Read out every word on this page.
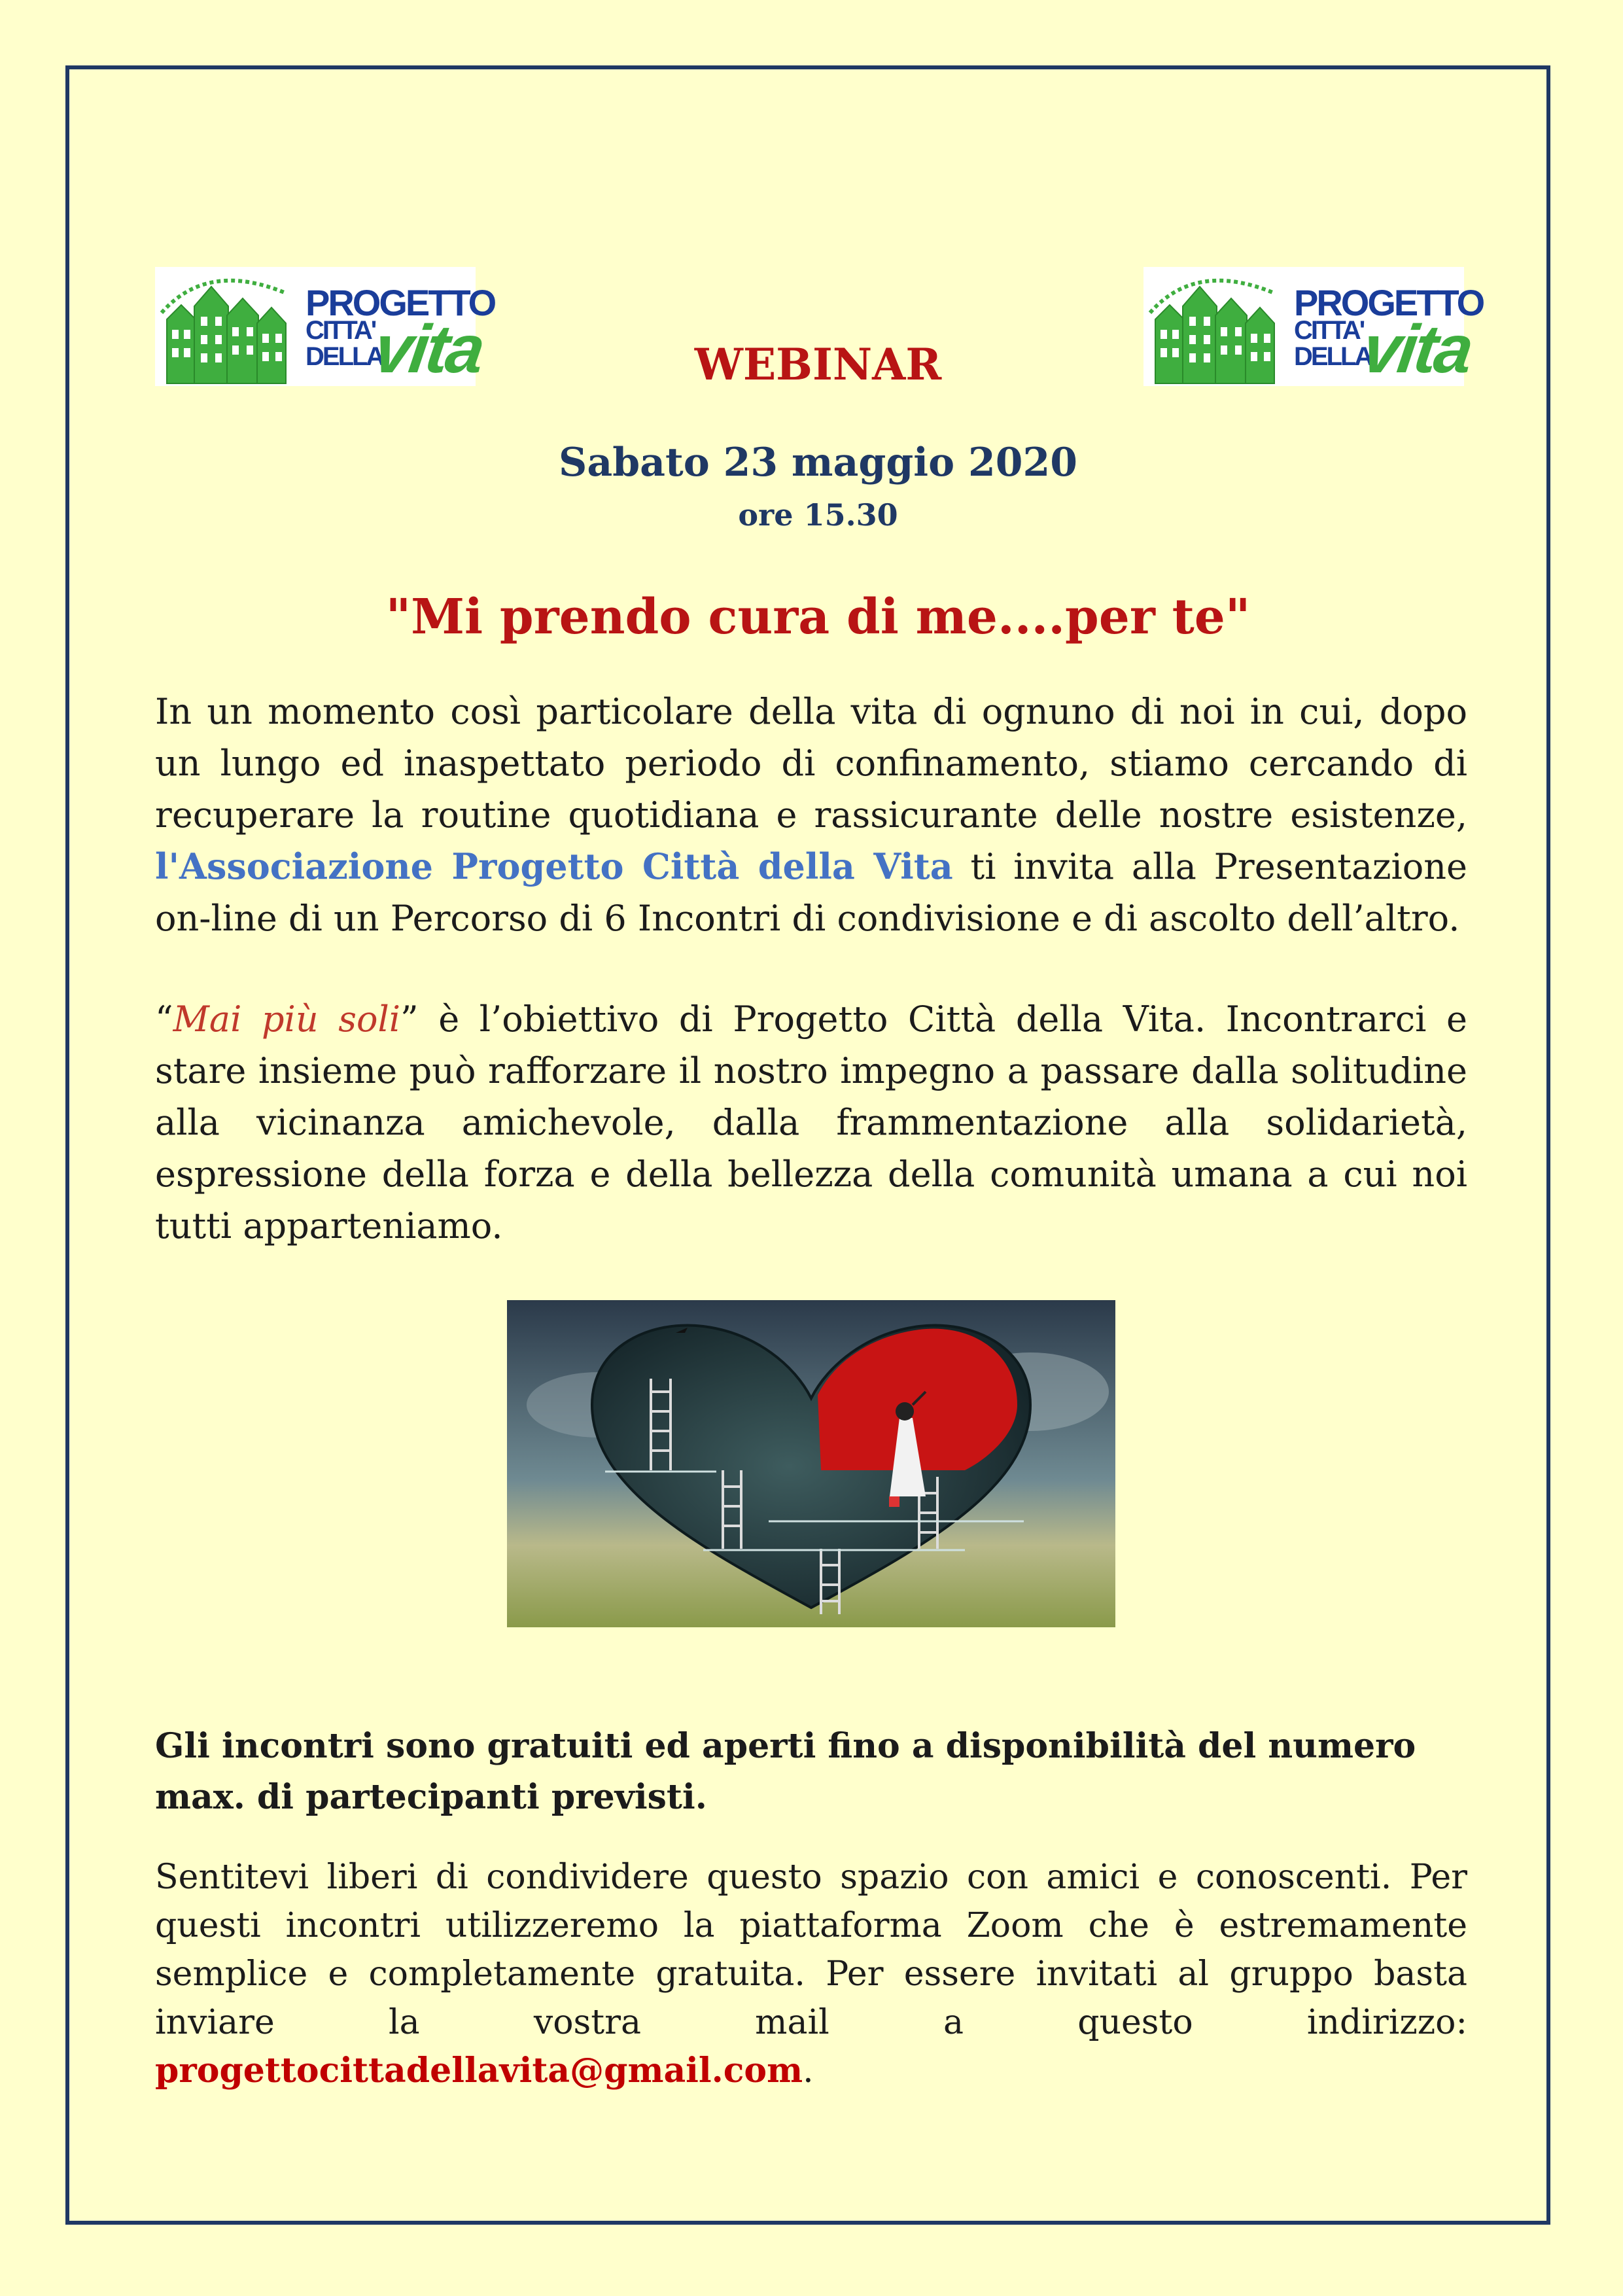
PROGETTO
CITTA'
DELLA
vita
PROGETTO
CITTA'
DELLA
vita
WEBINAR
Sabato 23 maggio 2020
ore 15.30
"Mi prendo cura di me....per te"

In un momento così particolare della vita di ognuno di noi in cui, dopo un lungo ed inaspettato periodo di confinamento, stiamo cercando di recuperare la routine quotidiana e rassicurante delle nostre esistenze, l'Associazione Progetto Città della Vita ti invita alla Presentazione on-line di un Percorso di 6 Incontri di condivisione e di ascolto dell’altro.

“Mai più soli” è l’obiettivo di Progetto Città della Vita. Incontrarci e stare insieme può rafforzare il nostro impegno a passare dalla solitudine alla vicinanza amichevole, dalla frammentazione alla solidarietà, espressione della forza e della bellezza della comunità umana a cui noi tutti apparteniamo.

Gli incontri sono gratuiti ed aperti fino a disponibilità del numero max. di partecipanti previsti.

Sentitevi liberi di condividere questo spazio con amici e conoscenti. Per questi incontri utilizzeremo la piattaforma Zoom che è estremamente semplice e completamente gratuita. Per essere invitati al gruppo basta inviare la vostra mail a questo indirizzo: progettocittadellavita@gmail.com.
